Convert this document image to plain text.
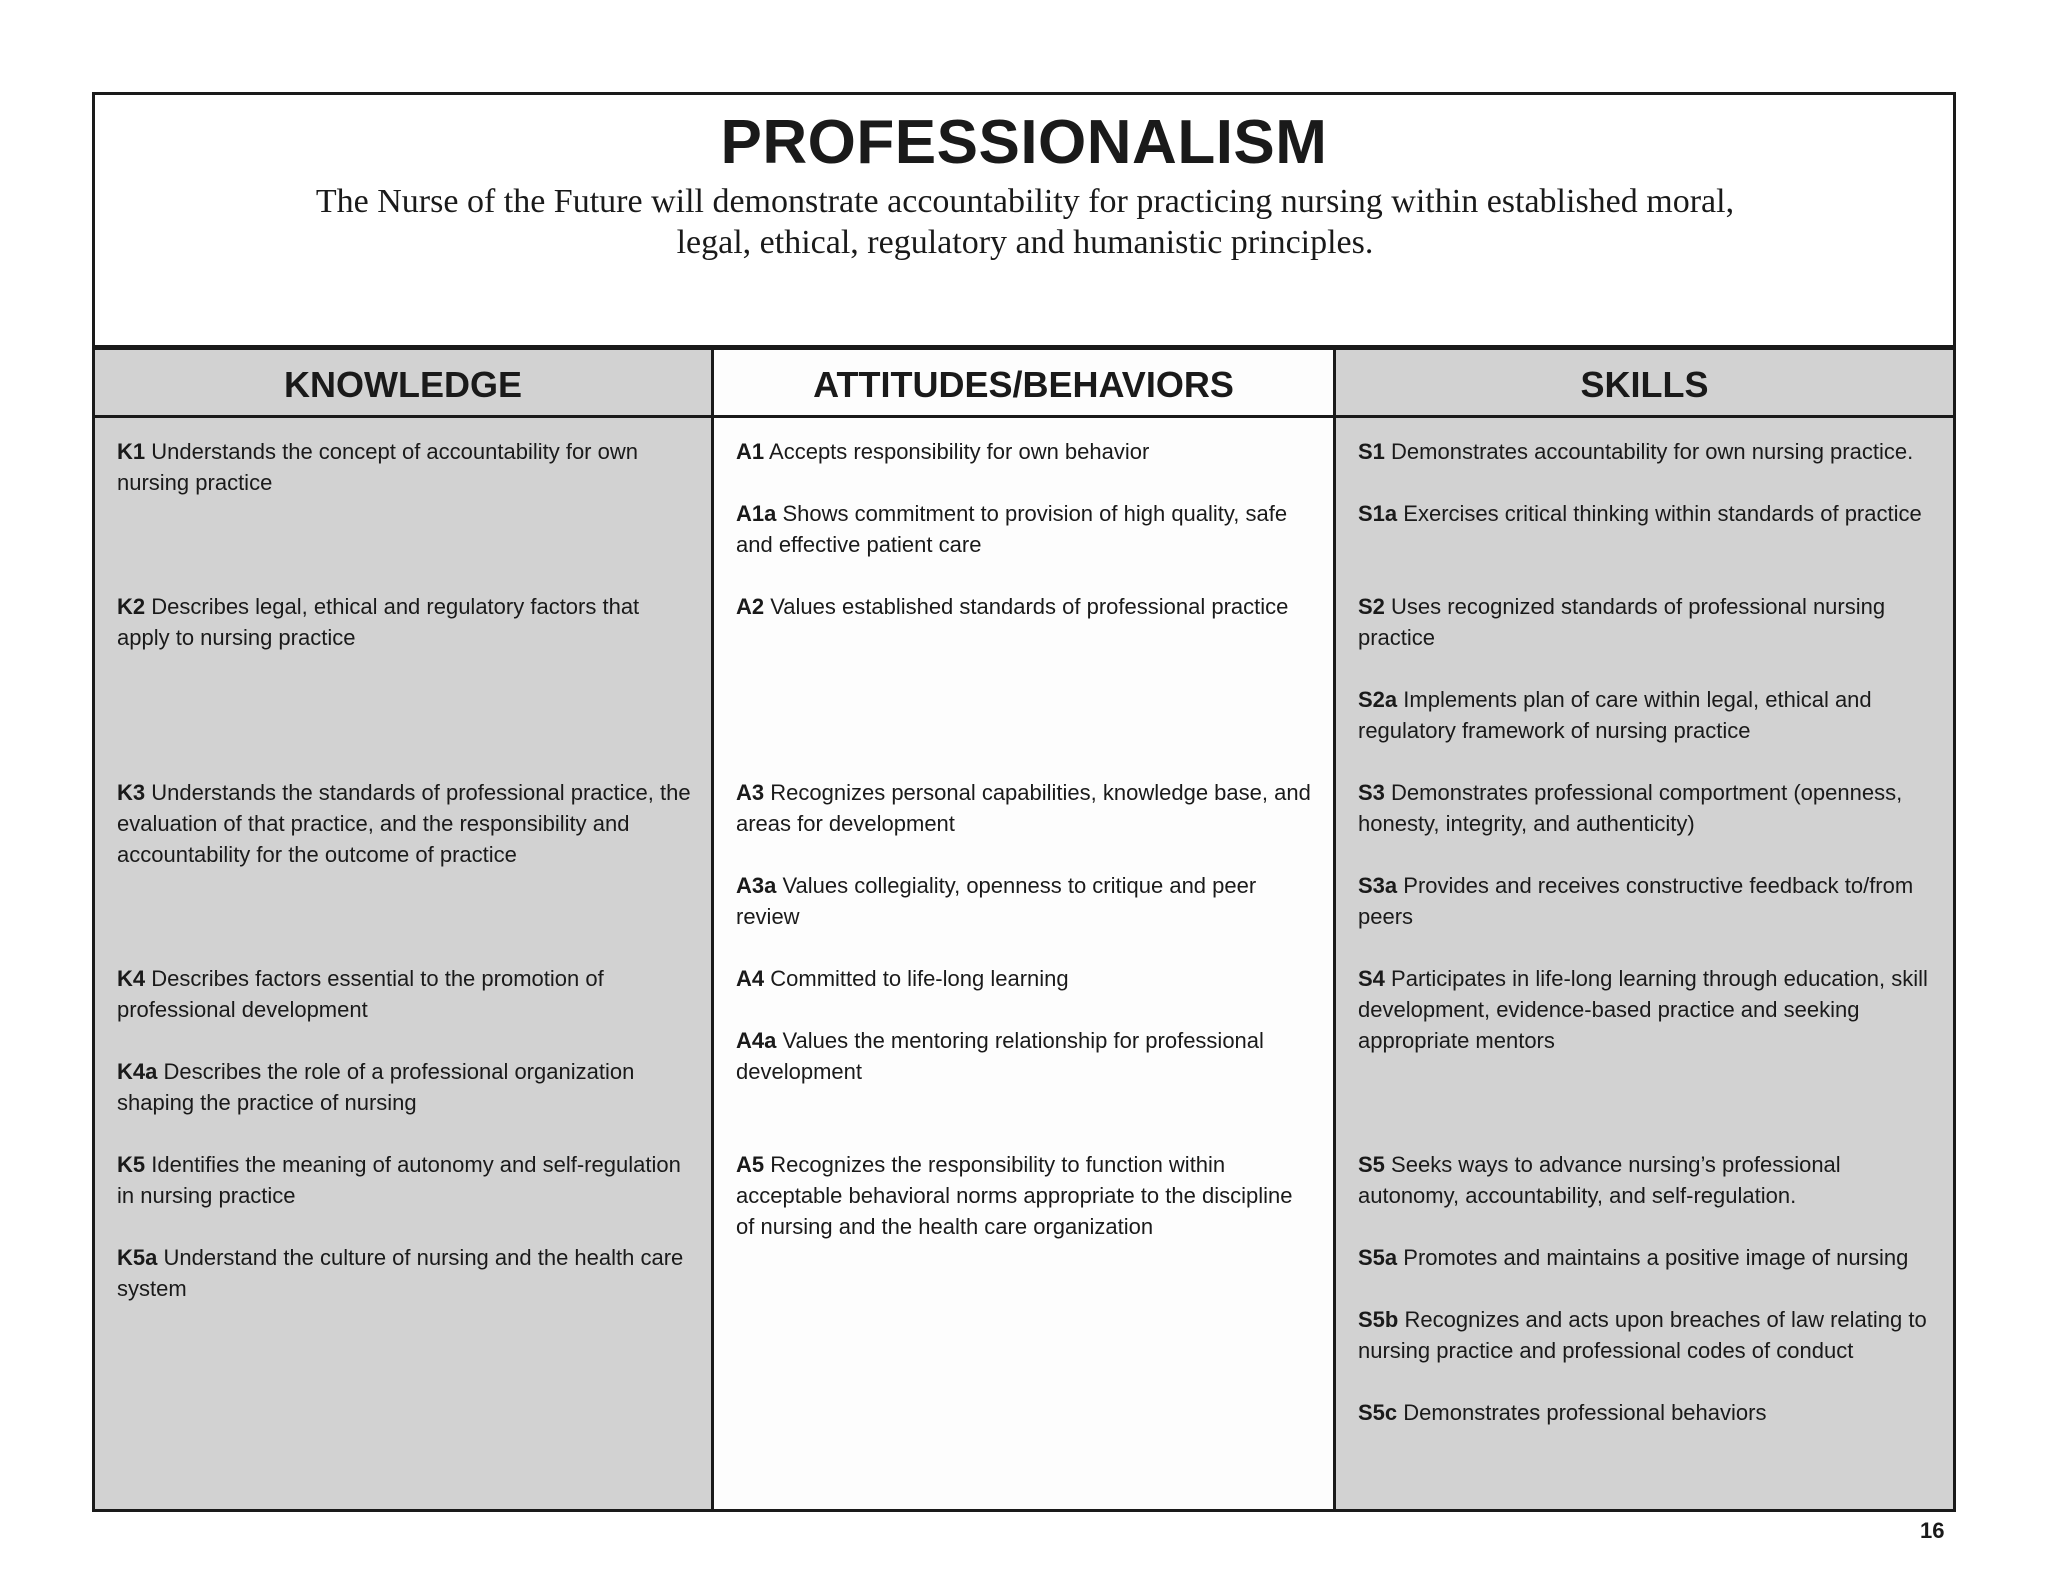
PROFESSIONALISM
The Nurse of the Future will demonstrate accountability for practicing nursing within established moral, legal, ethical, regulatory and humanistic principles.
KNOWLEDGE
K1 Understands the concept of accountability for own nursing practice
K2 Describes legal, ethical and regulatory factors that apply to nursing practice
K3 Understands the standards of professional practice, the evaluation of that practice, and the responsibility and accountability for the outcome of practice
K4 Describes factors essential to the promotion of professional development
K4a Describes the role of a professional organization shaping the practice of nursing
K5 Identifies the meaning of autonomy and self-regulation in nursing practice
K5a Understand the culture of nursing and the health care system
ATTITUDES/BEHAVIORS
A1 Accepts responsibility for own behavior
A1a Shows commitment to provision of high quality, safe and effective patient care
A2 Values established standards of professional practice
A3 Recognizes personal capabilities, knowledge base, and areas for development
A3a Values collegiality, openness to critique and peer review
A4 Committed to life-long learning
A4a Values the mentoring relationship for professional development
A5 Recognizes the responsibility to function within acceptable behavioral norms appropriate to the discipline of nursing and the health care organization
SKILLS
S1 Demonstrates accountability for own nursing practice.
S1a Exercises critical thinking within standards of practice
S2 Uses recognized standards of professional nursing practice
S2a Implements plan of care within legal, ethical and regulatory framework of nursing practice
S3 Demonstrates professional comportment (openness, honesty, integrity, and authenticity)
S3a Provides and receives constructive feedback to/from peers
S4 Participates in life-long learning through education, skill development, evidence-based practice and seeking appropriate mentors
S5 Seeks ways to advance nursing’s professional autonomy, accountability, and self-regulation.
S5a Promotes and maintains a positive image of nursing
S5b Recognizes and acts upon breaches of law relating to nursing practice and professional codes of conduct
S5c Demonstrates professional behaviors
16
